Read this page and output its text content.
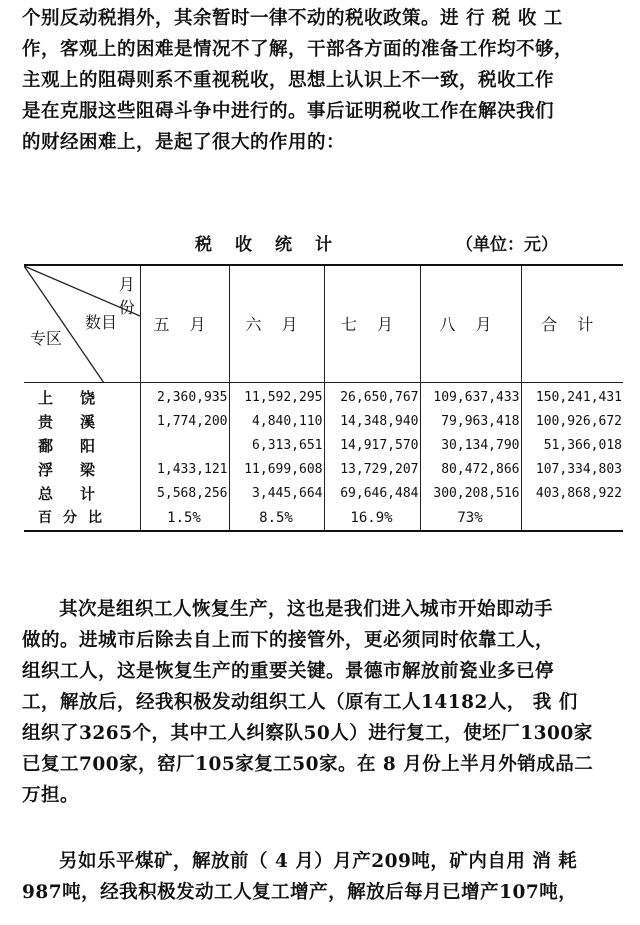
个别反动税捐外，其余暂时一律不动的税收政策。进 行 税 收 工
作，客观上的困难是情况不了解，干部各方面的准备工作均不够，
主观上的阻碍则系不重视税收，思想上认识上不一致，税收工作
是在克服这些阻碍斗争中进行的。事后证明税收工作在解决我们
的财经困难上，是起了很大的作用的：
税收统计	（单位：元）
月份
数目
专区	五月	六月	七月	八月	合计
上饶	2,360,935	11,592,295	26,650,767	109,637,433	150,241,431
贵溪	1,774,200	4,840,110	14,348,940	79,963,418	100,926,672
鄱阳		6,313,651	14,917,570	30,134,790	51,366,018
浮梁	1,433,121	11,699,608	13,729,207	80,472,866	107,334,803
总计	5,568,256	3,445,664	69,646,484	300,208,516	403,868,922
百分比	1.5%	8.5%	16.9%	73%	
其次是组织工人恢复生产，这也是我们进入城市开始即动手
做的。进城市后除去自上而下的接管外，更必须同时依靠工人，
组织工人，这是恢复生产的重要关键。景德市解放前瓷业多已停
工，解放后，经我积极发动组织工人（原有工人14182人， 我 们
组织了3265个，其中工人纠察队50人）进行复工，使坯厂1300家
已复工700家，窑厂105家复工50家。在 8 月份上半月外销成品二
万担。
另如乐平煤矿，解放前（ 4 月）月产209吨，矿内自用 消 耗
987吨，经我积极发动工人复工增产，解放后每月已增产107吨，
